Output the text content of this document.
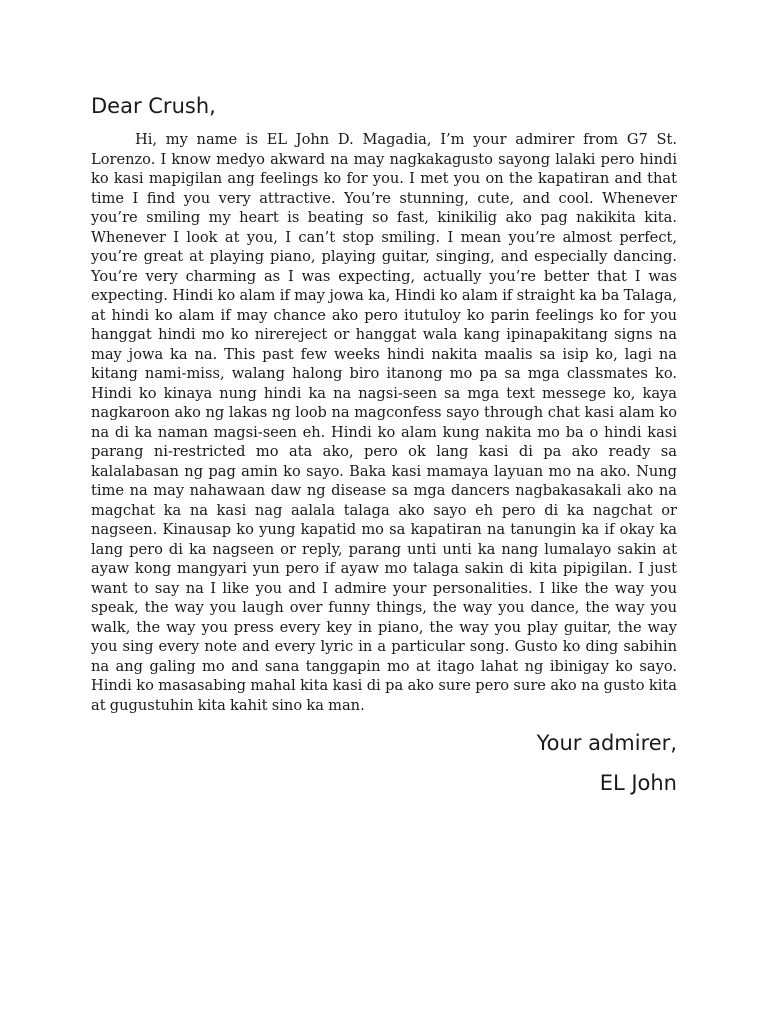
Dear Crush,

Hi, my name is EL John D. Magadia, I’m your admirer from G7 St. Lorenzo. I know medyo akward na may nagkakagusto sayong lalaki pero hindi ko kasi mapigilan ang feelings ko for you. I met you on the kapatiran and that time I find you very attractive. You’re stunning, cute, and cool. Whenever you’re smiling my heart is beating so fast, kinikilig ako pag nakikita kita. Whenever I look at you, I can’t stop smiling. I mean you’re almost perfect, you’re great at playing piano, playing guitar, singing, and especially dancing. You’re very charming as I was expecting, actually you’re better that I was expecting. Hindi ko alam if may jowa ka, Hindi ko alam if straight ka ba Talaga, at hindi ko alam if may chance ako pero itutuloy ko parin feelings ko for you hanggat hindi mo ko nirereject or hanggat wala kang ipinapakitang signs na may jowa ka na. This past few weeks hindi nakita maalis sa isip ko, lagi na kitang nami-miss, walang halong biro itanong mo pa sa mga classmates ko. Hindi ko kinaya nung hindi ka na nagsi-seen sa mga text messege ko, kaya nagkaroon ako ng lakas ng loob na magconfess sayo through chat kasi alam ko na di ka naman magsi-seen eh. Hindi ko alam kung nakita mo ba o hindi kasi parang ni-restricted mo ata ako, pero ok lang kasi di pa ako ready sa kalalabasan ng pag amin ko sayo. Baka kasi mamaya layuan mo na ako. Nung time na may nahawaan daw ng disease sa mga dancers nagbakasakali ako na magchat ka na kasi nag aalala talaga ako sayo eh pero di ka nagchat or nagseen. Kinausap ko yung kapatid mo sa kapatiran na tanungin ka if okay ka lang pero di ka nagseen or reply, parang unti unti ka nang lumalayo sakin at ayaw kong mangyari yun pero if ayaw mo talaga sakin di kita pipigilan. I just want to say na I like you and I admire your personalities. I like the way you speak, the way you laugh over funny things, the way you dance, the way you walk, the way you press every key in piano, the way you play guitar, the way you sing every note and every lyric in a particular song. Gusto ko ding sabihin na ang galing mo and sana tanggapin mo at itago lahat ng ibinigay ko sayo. Hindi ko masasabing mahal kita kasi di pa ako sure pero sure ako na gusto kita at gugustuhin kita kahit sino ka man.

Your admirer,
EL John
